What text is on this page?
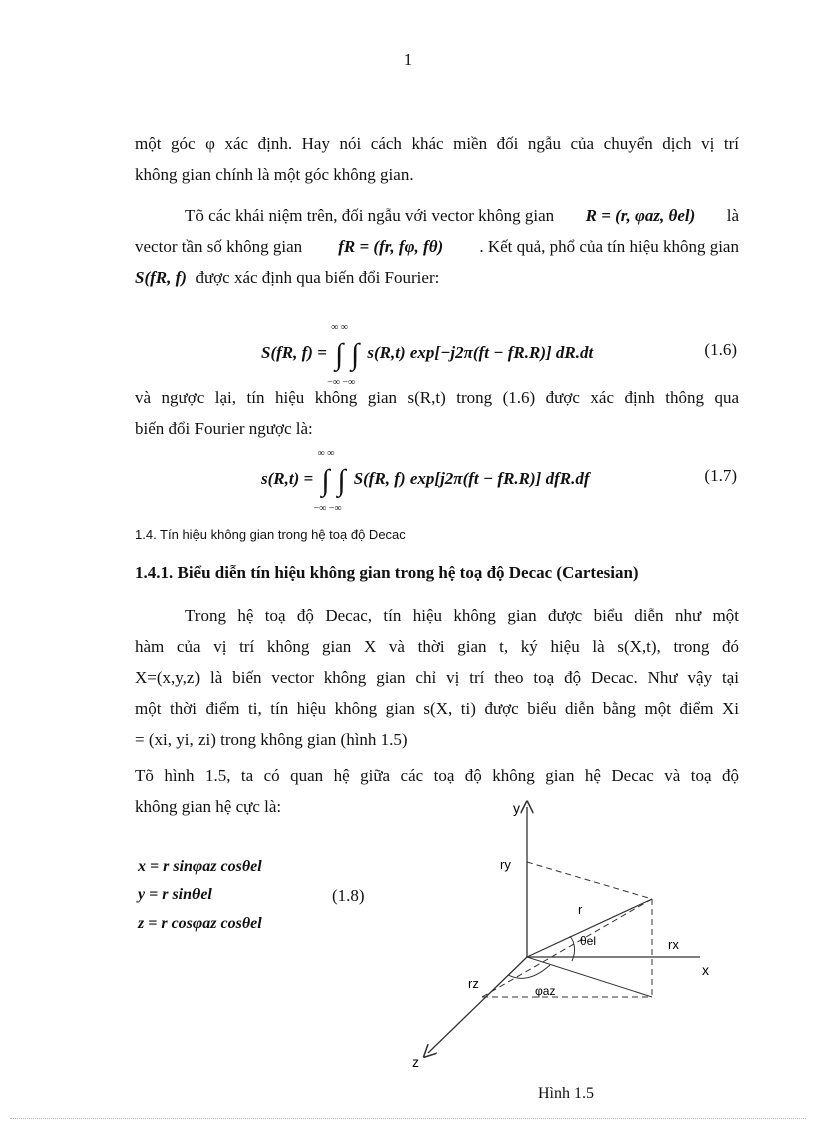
1
một góc φ xác định. Hay nói cách khác miền đối ngẫu của chuyển dịch vị trí
không gian chính là một góc không gian.
Tõ các khái niệm trên, đối ngẫu với vector không gian R = (r, φaz, θel) là
vector tần số không gian fR = (fr, fφ, fθ) . Kết quả, phổ của tín hiệu không gian
S(fR, f) được xác định qua biến đổi Fourier:
S(fR, f) = ∫
∞ ∞
−∞ −∞
∫ s(R,t) exp[−j2π(ft − fR.R)] dR.dt	(1.6)
và ngược lại, tín hiệu không gian s(R,t) trong (1.6) được xác định thông qua
biến đổi Fourier ngược là:
s(R,t) = ∫
∞ ∞
−∞ −∞
∫ S(fR, f) exp[j2π(ft − fR.R)] dfR.df	(1.7)
1.4. Tín hiệu không gian trong hệ toạ độ Decac
1.4.1. Biểu diễn tín hiệu không gian trong hệ toạ độ Decac (Cartesian)
Trong hệ toạ độ Decac, tín hiệu không gian được biểu diễn như một
hàm của vị trí không gian X và thời gian t, ký hiệu là s(X,t), trong đó
X=(x,y,z) là biến vector không gian chỉ vị trí theo toạ độ Decac. Như vậy tại
một thời điểm ti, tín hiệu không gian s(X, ti) được biểu diễn bằng một điểm Xi
= (xi, yi, zi) trong không gian (hình 1.5)
Tõ hình 1.5, ta có quan hệ giữa các toạ độ không gian hệ Decac và toạ độ
không gian hệ cực là:
x = r sinφaz cosθel
y = r sinθel
z = r cosφaz cosθel
(1.8)
y
x
z
ry
rx
rz
r
θel
φaz
Hình 1.5
